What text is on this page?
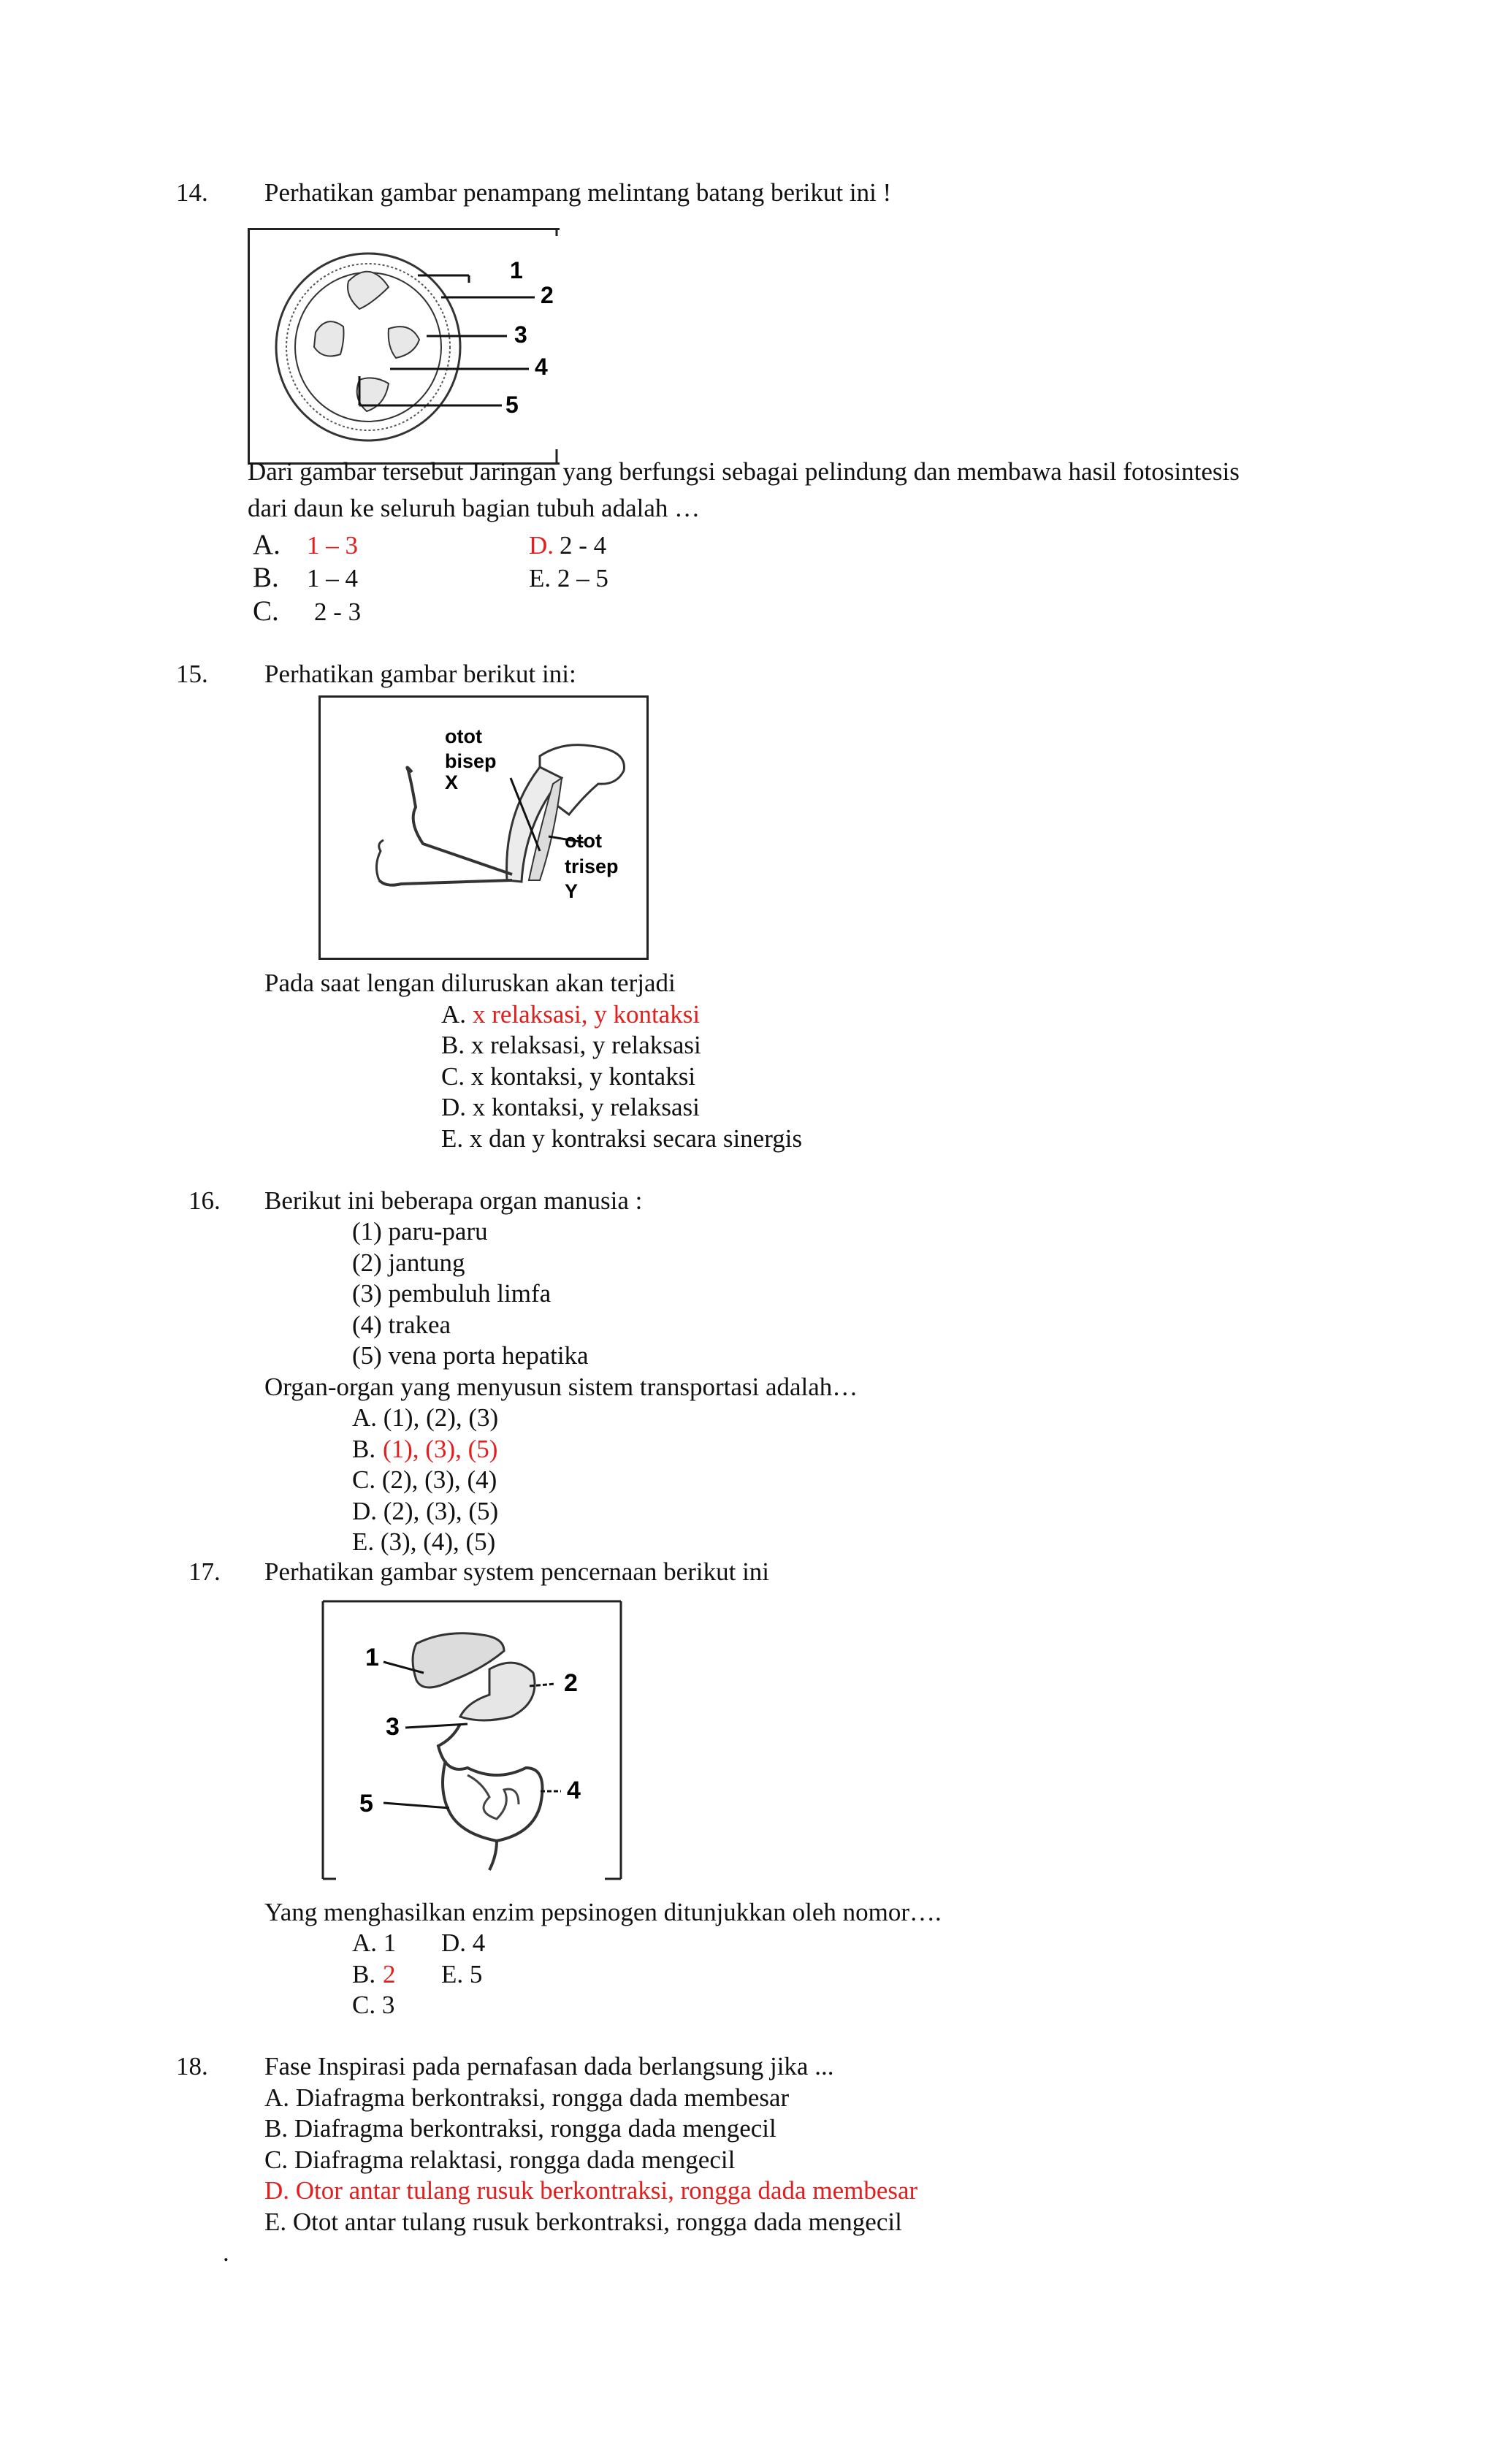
14. Perhatikan gambar penampang melintang batang berikut ini !
1
2
3
4
5
Dari gambar tersebut Jaringan yang berfungsi sebagai pelindung dan membawa hasil fotosintesis
dari daun ke seluruh bagian tubuh adalah …
A. 1 – 3
B. 1 – 4
C. 2 - 3
D. 2 - 4
E. 2 – 5
15. Perhatikan gambar berikut ini:
otot
bisep
X
otot
trisep
Y
Pada saat lengan diluruskan akan terjadi
A. x relaksasi, y kontaksi
B. x relaksasi, y relaksasi
C. x kontaksi, y kontaksi
D. x kontaksi, y relaksasi
E. x dan y kontraksi secara sinergis
16. Berikut ini beberapa organ manusia :
(1) paru-paru
(2) jantung
(3) pembuluh limfa
(4) trakea
(5) vena porta hepatika
Organ-organ yang menyusun sistem transportasi adalah…
A. (1), (2), (3)
B. (1), (3), (5)
C. (2), (3), (4)
D. (2), (3), (5)
E. (3), (4), (5)
17. Perhatikan gambar system pencernaan berikut ini
1
2
3
4
5
Yang menghasilkan enzim pepsinogen ditunjukkan oleh nomor….
A. 1
B. 2
C. 3
D. 4
E. 5
18. Fase Inspirasi pada pernafasan dada berlangsung jika ...
A. Diafragma berkontraksi, rongga dada membesar
B. Diafragma berkontraksi, rongga dada mengecil
C. Diafragma relaktasi, rongga dada mengecil
D. Otor antar tulang rusuk berkontraksi, rongga dada membesar
E. Otot antar tulang rusuk berkontraksi, rongga dada mengecil
.
